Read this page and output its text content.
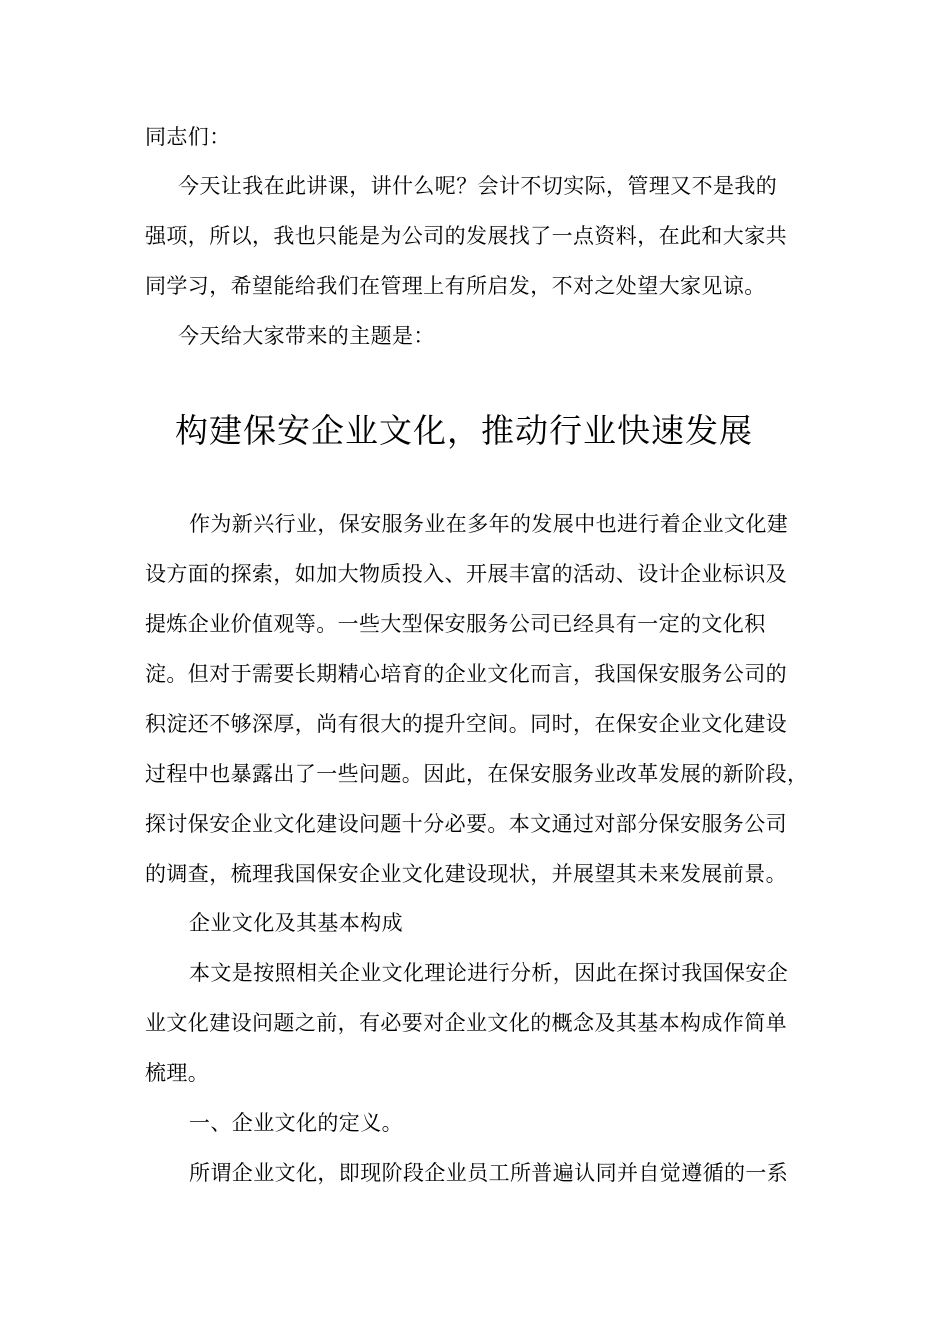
同志们：
今天让我在此讲课，讲什么呢？会计不切实际，管理又不是我的
强项，所以，我也只能是为公司的发展找了一点资料，在此和大家共
同学习，希望能给我们在管理上有所启发，不对之处望大家见谅。
今天给大家带来的主题是：
构建保安企业文化，推动行业快速发展
作为新兴行业，保安服务业在多年的发展中也进行着企业文化建
设方面的探索，如加大物质投入、开展丰富的活动、设计企业标识及
提炼企业价值观等。一些大型保安服务公司已经具有一定的文化积
淀。但对于需要长期精心培育的企业文化而言，我国保安服务公司的
积淀还不够深厚，尚有很大的提升空间。同时，在保安企业文化建设
过程中也暴露出了一些问题。因此，在保安服务业改革发展的新阶段，
探讨保安企业文化建设问题十分必要。本文通过对部分保安服务公司
的调查，梳理我国保安企业文化建设现状，并展望其未来发展前景。
企业文化及其基本构成
本文是按照相关企业文化理论进行分析，因此在探讨我国保安企
业文化建设问题之前，有必要对企业文化的概念及其基本构成作简单
梳理。
一、企业文化的定义。
所谓企业文化，即现阶段企业员工所普遍认同并自觉遵循的一系
